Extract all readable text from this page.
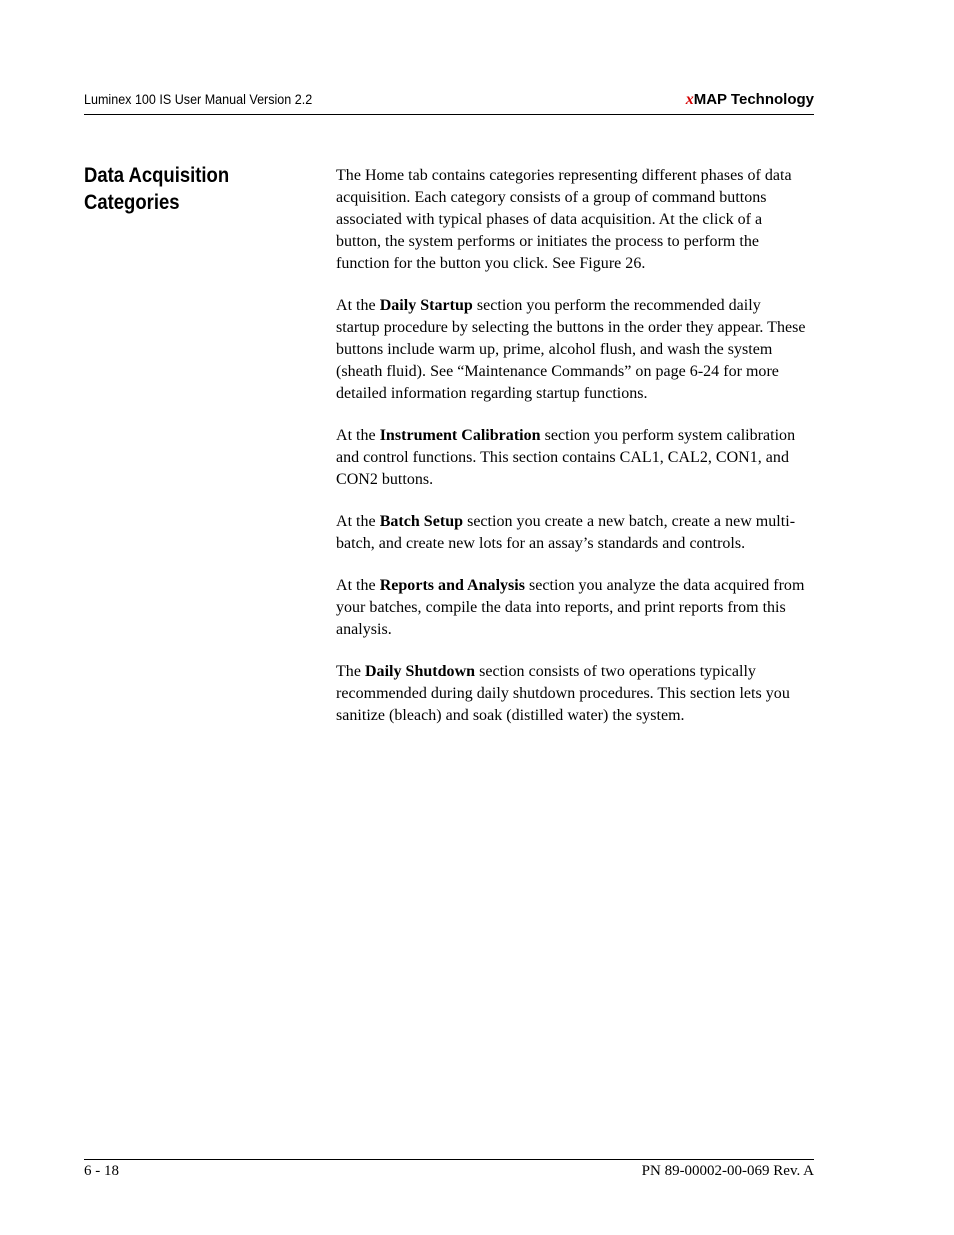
Luminex 100 IS User Manual Version 2.2	xMAP Technology
Data Acquisition
Categories

The Home tab contains categories representing different phases of data acquisition. Each category consists of a group of command buttons associated with typical phases of data acquisition. At the click of a button, the system performs or initiates the process to perform the function for the button you click. See Figure 26.

At the Daily Startup section you perform the recommended daily startup procedure by selecting the buttons in the order they appear. These buttons include warm up, prime, alcohol flush, and wash the system (sheath fluid). See “Maintenance Commands” on page 6-24 for more detailed information regarding startup functions.

At the Instrument Calibration section you perform system calibration and control functions. This section contains CAL1, CAL2, CON1, and CON2 buttons.

At the Batch Setup section you create a new batch, create a new multi-batch, and create new lots for an assay’s standards and controls.

At the Reports and Analysis section you analyze the data acquired from your batches, compile the data into reports, and print reports from this analysis.

The Daily Shutdown section consists of two operations typically recommended during daily shutdown procedures. This section lets you sanitize (bleach) and soak (distilled water) the system.

6 - 18	PN 89-00002-00-069 Rev. A
